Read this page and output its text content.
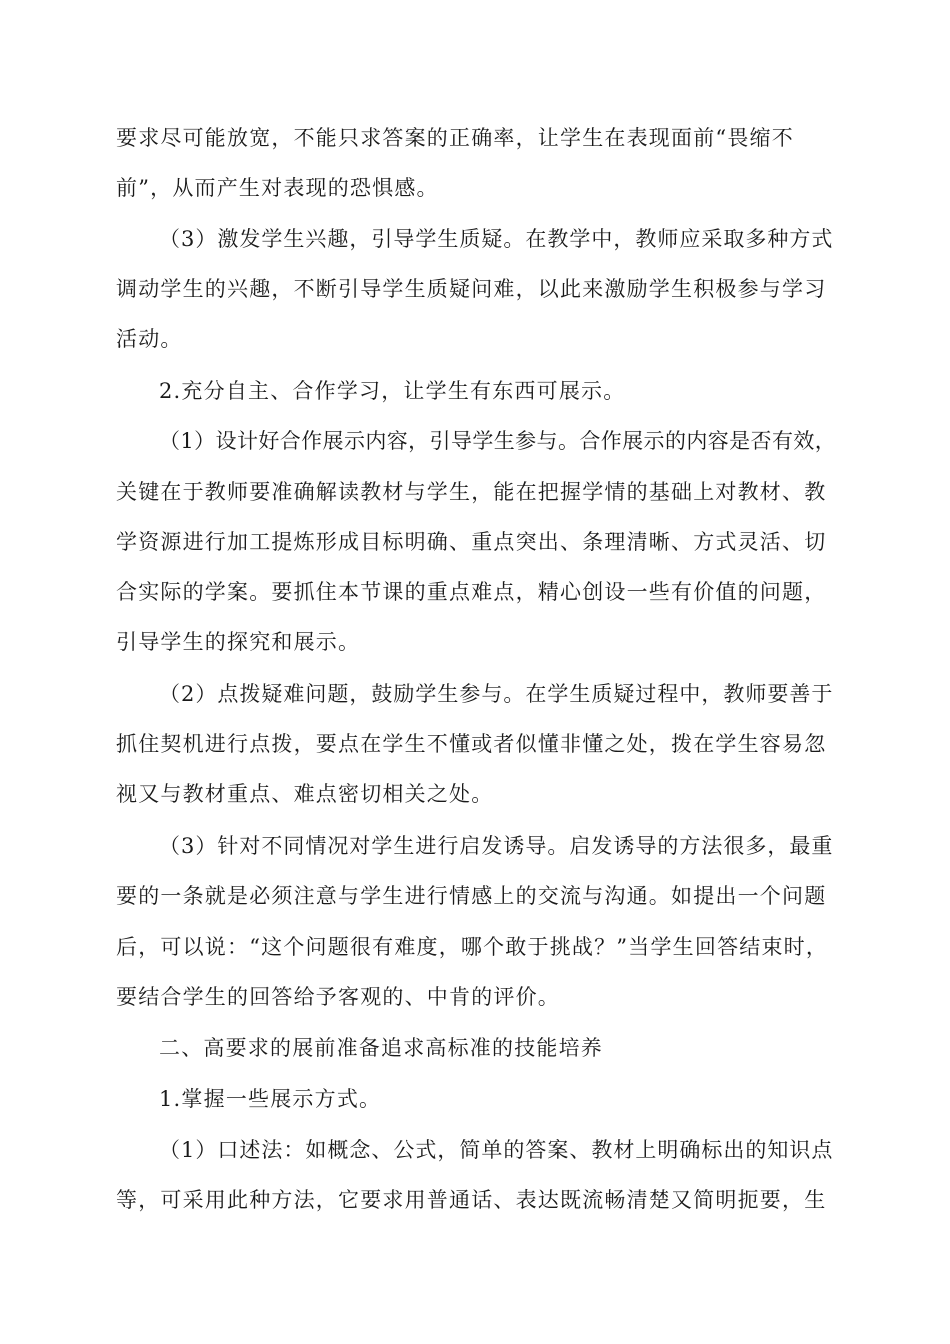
要求尽可能放宽，不能只求答案的正确率，让学生在表现面前“畏缩不
前”，从而产生对表现的恐惧感。
（3）激发学生兴趣，引导学生质疑。在教学中，教师应采取多种方式
调动学生的兴趣，不断引导学生质疑问难，以此来激励学生积极参与学习
活动。
2.充分自主、合作学习，让学生有东西可展示。
（1）设计好合作展示内容，引导学生参与。合作展示的内容是否有效，
关键在于教师要准确解读教材与学生，能在把握学情的基础上对教材、教
学资源进行加工提炼形成目标明确、重点突出、条理清晰、方式灵活、切
合实际的学案。要抓住本节课的重点难点，精心创设一些有价值的问题，
引导学生的探究和展示。
（2）点拨疑难问题，鼓励学生参与。在学生质疑过程中，教师要善于
抓住契机进行点拨，要点在学生不懂或者似懂非懂之处，拨在学生容易忽
视又与教材重点、难点密切相关之处。
（3）针对不同情况对学生进行启发诱导。启发诱导的方法很多，最重
要的一条就是必须注意与学生进行情感上的交流与沟通。如提出一个问题
后，可以说：“这个问题很有难度，哪个敢于挑战？”当学生回答结束时，
要结合学生的回答给予客观的、中肯的评价。
二、高要求的展前准备追求高标准的技能培养
1.掌握一些展示方式。
（1）口述法：如概念、公式，简单的答案、教材上明确标出的知识点
等，可采用此种方法，它要求用普通话、表达既流畅清楚又简明扼要，生
